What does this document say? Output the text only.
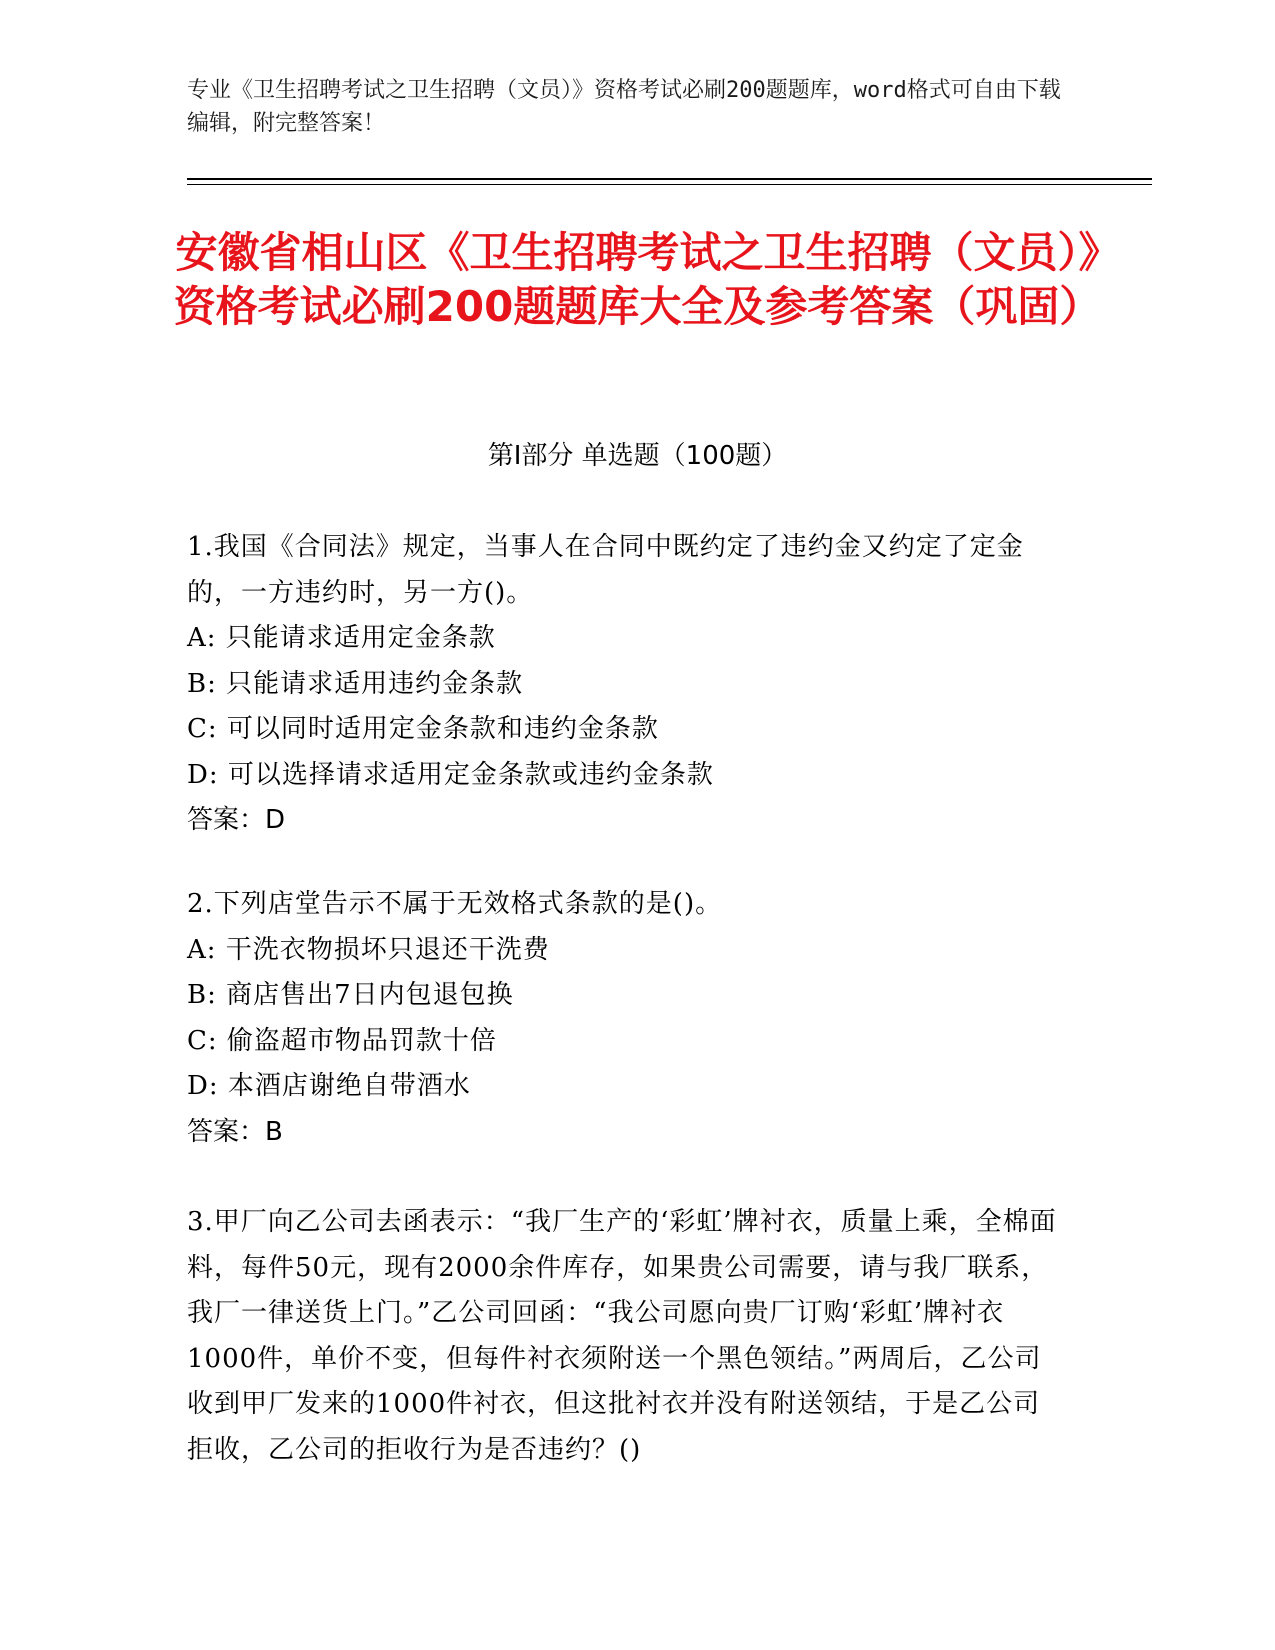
专业《卫生招聘考试之卫生招聘（文员）》资格考试必刷200题题库，word格式可自由下载编辑，附完整答案！
安徽省相山区《卫生招聘考试之卫生招聘（文员）》资格考试必刷200题题库大全及参考答案（巩固）
第Ⅰ部分 单选题（100题）

1.我国《合同法》规定，当事人在合同中既约定了违约金又约定了定金的，一方违约时，另一方()。

A: 只能请求适用定金条款

B: 只能请求适用违约金条款

C: 可以同时适用定金条款和违约金条款

D: 可以选择请求适用定金条款或违约金条款

答案：D

2.下列店堂告示不属于无效格式条款的是()。

A: 干洗衣物损坏只退还干洗费

B: 商店售出7日内包退包换

C: 偷盗超市物品罚款十倍

D: 本酒店谢绝自带酒水

答案：B

3.甲厂向乙公司去函表示：“我厂生产的‘彩虹’牌衬衣，质量上乘，全棉面料，每件50元，现有2000余件库存，如果贵公司需要，请与我厂联系，我厂一律送货上门。”乙公司回函：“我公司愿向贵厂订购‘彩虹’牌衬衣1000件，单价不变，但每件衬衣须附送一个黑色领结。”两周后，乙公司收到甲厂发来的1000件衬衣，但这批衬衣并没有附送领结，于是乙公司拒收，乙公司的拒收行为是否违约？()
